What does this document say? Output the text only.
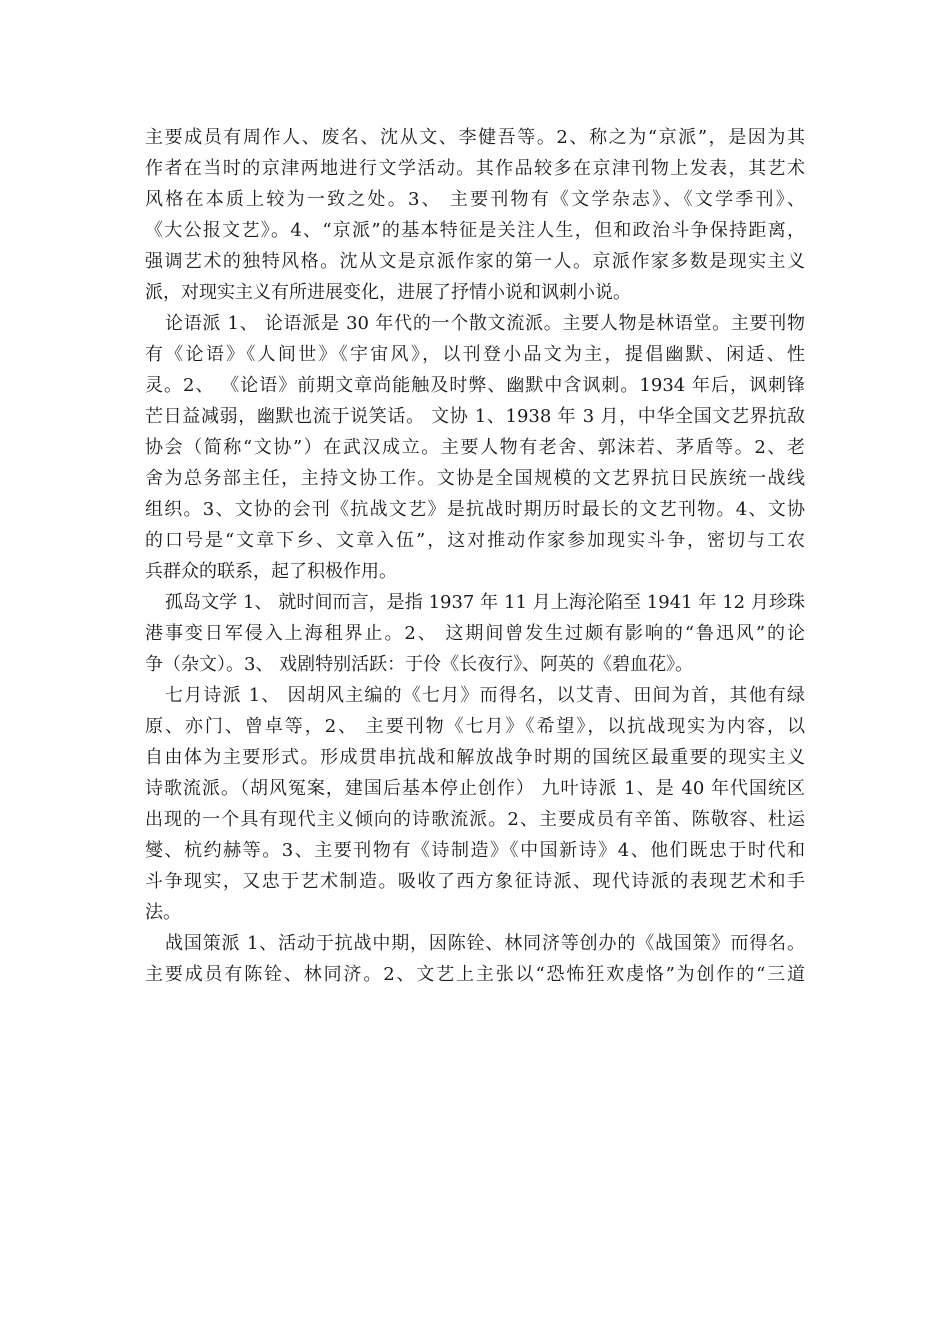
主要成员有周作人、废名、沈从文、李健吾等。2、称之为“京派”，是因为其
作者在当时的京津两地进行文学活动。其作品较多在京津刊物上发表，其艺术
风格在本质上较为一致之处。3、 主要刊物有《文学杂志》、《文学季刊》、
《大公报文艺》。4、“京派”的基本特征是关注人生，但和政治斗争保持距离，
强调艺术的独特风格。沈从文是京派作家的第一人。京派作家多数是现实主义
派，对现实主义有所进展变化，进展了抒情小说和讽刺小说。
论语派 1、 论语派是 30 年代的一个散文流派。主要人物是林语堂。主要刊物
有《论语》《人间世》《宇宙风》，以刊登小品文为主，提倡幽默、闲适、性
灵。2、 《论语》前期文章尚能触及时弊、幽默中含讽刺。1934 年后，讽刺锋
芒日益减弱，幽默也流于说笑话。 文协 1、1938 年 3 月，中华全国文艺界抗敌
协会（简称“文协”）在武汉成立。主要人物有老舍、郭沫若、茅盾等。2、老
舍为总务部主任，主持文协工作。文协是全国规模的文艺界抗日民族统一战线
组织。3、文协的会刊《抗战文艺》是抗战时期历时最长的文艺刊物。4、文协
的口号是“文章下乡、文章入伍”，这对推动作家参加现实斗争，密切与工农
兵群众的联系，起了积极作用。
孤岛文学 1、 就时间而言，是指 1937 年 11 月上海沦陷至 1941 年 12 月珍珠
港事变日军侵入上海租界止。2、 这期间曾发生过颇有影响的“鲁迅风”的论
争（杂文）。3、 戏剧特别活跃：于伶《长夜行》、阿英的《碧血花》。
七月诗派 1、 因胡风主编的《七月》而得名，以艾青、田间为首，其他有绿
原、亦门、曾卓等，2、 主要刊物《七月》《希望》，以抗战现实为内容，以
自由体为主要形式。形成贯串抗战和解放战争时期的国统区最重要的现实主义
诗歌流派。（胡风冤案，建国后基本停止创作） 九叶诗派 1、是 40 年代国统区
出现的一个具有现代主义倾向的诗歌流派。2、主要成员有辛笛、陈敬容、杜运
燮、杭约赫等。3、主要刊物有《诗制造》《中国新诗》4、他们既忠于时代和
斗争现实，又忠于艺术制造。吸收了西方象征诗派、现代诗派的表现艺术和手
法。
战国策派 1、活动于抗战中期，因陈铨、林同济等创办的《战国策》而得名。
主要成员有陈铨、林同济。2、文艺上主张以“恐怖狂欢虔恪”为创作的“三道
